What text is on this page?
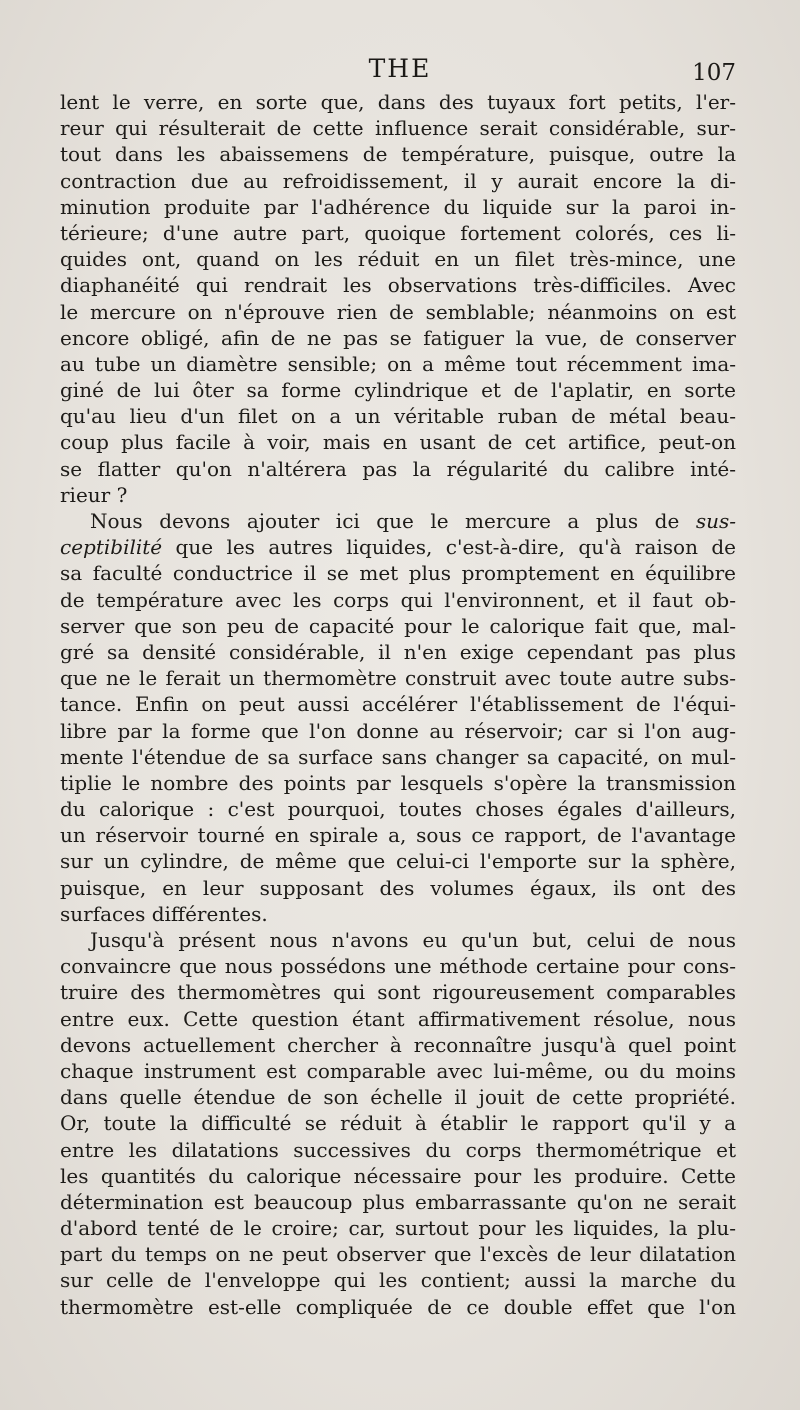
THE	107
lent le verre, en sorte que, dans des tuyaux fort petits, l'er-
reur qui résulterait de cette influence serait considérable, sur-
tout dans les abaissemens de température, puisque, outre la
contraction due au refroidissement, il y aurait encore la di-
minution produite par l'adhérence du liquide sur la paroi in-
térieure; d'une autre part, quoique fortement colorés, ces li-
quides ont, quand on les réduit en un filet très-mince, une
diaphanéité qui rendrait les observations très-difficiles. Avec
le mercure on n'éprouve rien de semblable; néanmoins on est
encore obligé, afin de ne pas se fatiguer la vue, de conserver
au tube un diamètre sensible; on a même tout récemment ima-
giné de lui ôter sa forme cylindrique et de l'aplatir, en sorte
qu'au lieu d'un filet on a un véritable ruban de métal beau-
coup plus facile à voir, mais en usant de cet artifice, peut-on
se flatter qu'on n'altérera pas la régularité du calibre inté-
rieur ?
Nous devons ajouter ici que le mercure a plus de sus-
ceptibilité que les autres liquides, c'est-à-dire, qu'à raison de
sa faculté conductrice il se met plus promptement en équilibre
de température avec les corps qui l'environnent, et il faut ob-
server que son peu de capacité pour le calorique fait que, mal-
gré sa densité considérable, il n'en exige cependant pas plus
que ne le ferait un thermomètre construit avec toute autre subs-
tance. Enfin on peut aussi accélérer l'établissement de l'équi-
libre par la forme que l'on donne au réservoir; car si l'on aug-
mente l'étendue de sa surface sans changer sa capacité, on mul-
tiplie le nombre des points par lesquels s'opère la transmission
du calorique : c'est pourquoi, toutes choses égales d'ailleurs,
un réservoir tourné en spirale a, sous ce rapport, de l'avantage
sur un cylindre, de même que celui-ci l'emporte sur la sphère,
puisque, en leur supposant des volumes égaux, ils ont des
surfaces différentes.
Jusqu'à présent nous n'avons eu qu'un but, celui de nous
convaincre que nous possédons une méthode certaine pour cons-
truire des thermomètres qui sont rigoureusement comparables
entre eux. Cette question étant affirmativement résolue, nous
devons actuellement chercher à reconnaître jusqu'à quel point
chaque instrument est comparable avec lui-même, ou du moins
dans quelle étendue de son échelle il jouit de cette propriété.
Or, toute la difficulté se réduit à établir le rapport qu'il y a
entre les dilatations successives du corps thermométrique et
les quantités du calorique nécessaire pour les produire. Cette
détermination est beaucoup plus embarrassante qu'on ne serait
d'abord tenté de le croire; car, surtout pour les liquides, la plu-
part du temps on ne peut observer que l'excès de leur dilatation
sur celle de l'enveloppe qui les contient; aussi la marche du
thermomètre est-elle compliquée de ce double effet que l'on
